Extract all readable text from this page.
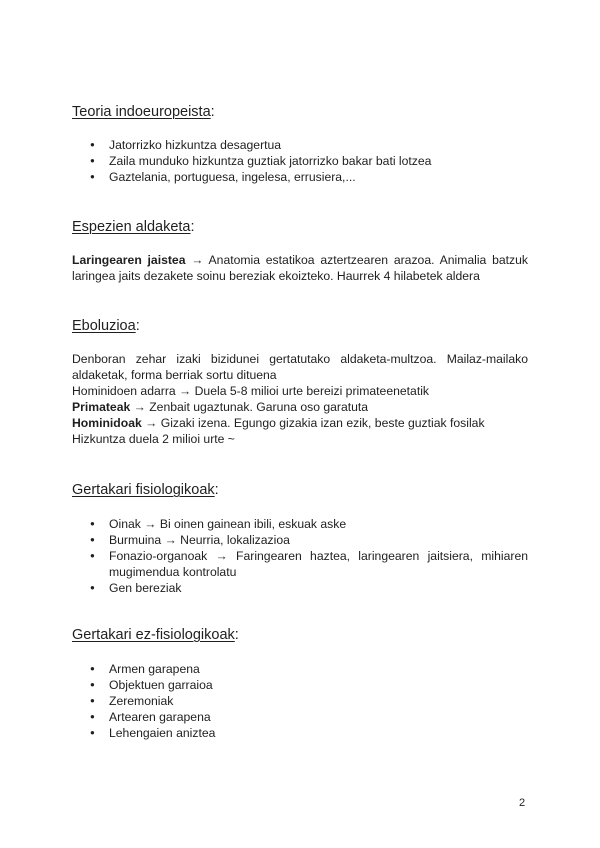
Teoria indoeuropeista:
● Jatorrizko hizkuntza desagertua
● Zaila munduko hizkuntza guztiak jatorrizko bakar bati lotzea
● Gaztelania, portuguesa, ingelesa, errusiera,...
Espezien aldaketa:

Laringearen jaistea → Anatomia estatikoa aztertzearen arazoa. Animalia batzuk laringea jaits dezakete soinu bereziak ekoizteko. Haurrek 4 hilabetek aldera

Eboluzioa:

Denboran zehar izaki bizidunei gertatutako aldaketa-multzoa. Mailaz-mailako aldaketak, forma berriak sortu dituena

Hominidoen adarra → Duela 5-8 milioi urte bereizi primateenetatik
Primateak → Zenbait ugaztunak. Garuna oso garatuta
Hominidoak → Gizaki izena. Egungo gizakia izan ezik, beste guztiak fosilak
Hizkuntza duela 2 milioi urte ~
Gertakari fisiologikoak:
● Oinak → Bi oinen gainean ibili, eskuak aske
● Burmuina → Neurria, lokalizazioa
● Fonazio-organoak → Faringearen haztea, laringearen jaitsiera, mihiaren mugimendua kontrolatu
● Gen bereziak
Gertakari ez-fisiologikoak:
● Armen garapena
● Objektuen garraioa
● Zeremoniak
● Artearen garapena
● Lehengaien aniztea
2
